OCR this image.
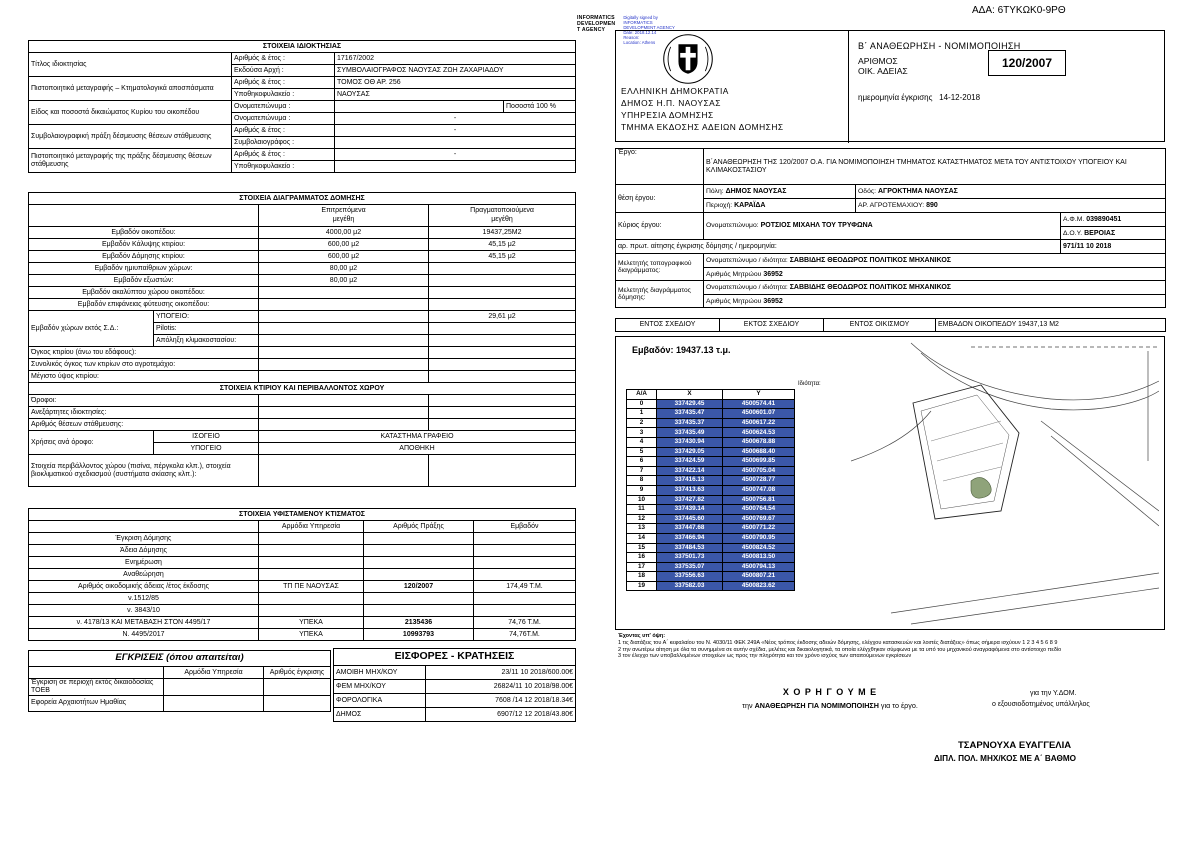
ΑΔΑ: 6ΤΥΚΩΚ0-9ΡΘ
INFORMATICS
DEVELOPMEN
T AGENCY
Digitally signed by
INFORMATICS
DEVELOPMENT AGENCY
Date: 2018.12.14
Reason:
Location: Athens
ΣΤΟΙΧΕΙΑ ΙΔΙΟΚΤΗΣΙΑΣ			
Τίτλος ιδιοκτησίας	Αριθμός & έτος :	17167/2002	
	Εκδούσα Αρχή :	ΣΥΜΒΟΛΑΙΟΓΡΑΦΟΣ ΝΑΟΥΣΑΣ ΖΩΗ ΖΑΧΑΡΙΑΔΟΥ	
Πιστοποιητικά μεταγραφής – Κτηματολογικά αποσπάσματα	Αριθμός & έτος :	ΤΟΜΟΣ ΟΘ ΑΡ. 256	
	Υποθηκοφυλακείο :	ΝΑΟΥΣΑΣ	
Είδος και ποσοστά δικαιώματος Κυρίου του οικοπέδου	Ονοματεπώνυμα :		Ποσοστά 100 %
	Ονοματεπώνυμα :	-	
Συμβολαιογραφική πράξη δέσμευσης θέσεων στάθμευσης	Αριθμός & έτος :	-	
	Συμβολαιογράφος :		
Πιστοποιητικό μεταγραφής της πράξης δέσμευσης θέσεων στάθμευσης	Αριθμός & έτος :	-	
	Υποθηκοφυλακείο :		
ΣΤΟΙΧΕΙΑ ΔΙΑΓΡΑΜΜΑΤΟΣ ΔΟΜΗΣΗΣ			

Επιτρεπόμενα
μεγέθη

Πραγματοποιούμενα
μεγέθη

Εμβαδόν οικοπέδου:		4000,00 μ2	19437,25Μ2
Εμβαδόν Κάλυψης κτιρίου:		600,00 μ2	45,15 μ2
Εμβαδόν Δόμησης κτιρίου:		600,00 μ2	45,15 μ2
Εμβαδόν ημιυπαίθριων χώρων:		80,00 μ2	
Εμβαδόν εξωστών:		80,00 μ2	
Εμβαδόν ακαλύπτου χώρου οικοπέδου:			
Εμβαδόν επιφάνειας φύτευσης οικοπέδου:			
Εμβαδόν χώρων εκτός Σ.Δ.:	ΥΠΟΓΕΙΟ:		29,61 μ2
	Pilotis:		
	Απόληξη κλιμακοστασίου:		
Όγκος κτιρίου (άνω του εδάφους):			
Συνολικός όγκος των κτιρίων στο αγροτεμάχιο:			
Μέγιστο ύψος κτιρίου:			
ΣΤΟΙΧΕΙΑ ΚΤΙΡΙΟΥ ΚΑΙ ΠΕΡΙΒΑΛΛΟΝΤΟΣ ΧΩΡΟΥ			
Όροφοι:			
Ανεξάρτητες ιδιοκτησίες:			
Αριθμός θέσεων στάθμευσης:			
Χρήσεις ανά όροφο:	ΙΣΟΓΕΙΟ	ΚΑΤΑΣΤΗΜΑ ΓΡΑΦΕΙΟ	
	ΥΠΟΓΕΙΟ	ΑΠΟΘΗΚΗ	
Στοιχεία περιβάλλοντος χώρου (πισίνα, πέργκολα κλπ.), στοιχεία βιοκλιματικού σχεδιασμού (συστήματα σκίασης κλπ.):			
ΣΤΟΙΧΕΙΑ ΥΦΙΣΤΑΜΕΝΟΥ ΚΤΙΣΜΑΤΟΣ			
	Αρμόδια Υπηρεσία	Αριθμός Πράξης	Εμβαδόν
Έγκριση Δόμησης			
Άδεια Δόμησης			
Ενημέρωση			
Αναθεώρηση			
Αριθμός οικοδομικής άδειας /έτος έκδοσης	ΤΠ ΠΕ ΝΑΟΥΣΑΣ	120/2007	174,49 Τ.Μ.
ν.1512/85			
ν. 3843/10			
ν. 4178/13 ΚΑΙ ΜΕΤΑΒΑΣΗ ΣΤΟΝ 4495/17	ΥΠΕΚΑ	2135436	74,76 Τ.Μ.
Ν. 4495/2017	ΥΠΕΚΑ	10993793	74,76Τ.Μ.
ΕΓΚΡΙΣΕΙΣ (όπου απαιτείται)		
	Αρμόδια Υπηρεσία	Αριθμός έγκρισης
Έγκριση σε περιοχή εκτός δικαιοδοσίας ΤΟΕΒ		
Εφορεία Αρχαιοτήτων Ημαθίας		
ΕΙΣΦΟΡΕΣ - ΚΡΑΤΗΣΕΙΣ	
ΑΜΟΙΒΗ ΜΗΧ/ΚΟΥ	23/11 10 2018/600.00€
ΦΕΜ ΜΗΧ/ΚΟΥ	26824/11 10 2018/98.00€
ΦΟΡΟΛΟΓΙΚΑ	7608 /14 12 2018/18.34€
ΔΗΜΟΣ	6907/12 12 2018/43.80€
ΕΛΛΗΝΙΚΗ ΔΗΜΟΚΡΑΤΙΑ
ΔΗΜΟΣ Η.Π. ΝΑΟΥΣΑΣ
ΥΠΗΡΕΣΙΑ ΔΟΜΗΣΗΣ
ΤΜΗΜΑ ΕΚΔΟΣΗΣ ΑΔΕΙΩΝ ΔΟΜΗΣΗΣ
Β΄ ΑΝΑΘΕΩΡΗΣΗ - ΝΟΜΙΜΟΠΟΙΗΣΗ
ΑΡΙΘΜΟΣ
ΟΙΚ. ΑΔΕΙΑΣ
120/2007
ημερομηνία έγκρισης 14-12-2018
Έργο:	Β΄ΑΝΑΘΕΩΡΗΣΗ ΤΗΣ 120/2007 Ο.Α. ΓΙΑ ΝΟΜΙΜΟΠΟΙΗΣΗ ΤΜΗΜΑΤΟΣ ΚΑΤΑΣΤΗΜΑΤΟΣ ΜΕΤΑ ΤΟΥ ΑΝΤΙΣΤΟΙΧΟΥ ΥΠΟΓΕΙΟΥ ΚΑΙ ΚΛΙΜΑΚΟΣΤΑΣΙΟΥ		
θέση έργου:	Πόλη: ΔΗΜΟΣ ΝΑΟΥΣΑΣ	Οδός: ΑΓΡΟΚΤΗΜΑ ΝΑΟΥΣΑΣ	
	Περιοχή: ΚΑΡΑΪΔΑ	ΑΡ. ΑΓΡΟΤΕΜΑΧΙΟΥ: 890	
Κύριος έργου:	Ονοματεπώνυμο: ΡΟΤΣΙΟΣ ΜΙΧΑΗΛ ΤΟΥ ΤΡΥΦΩΝΑ		Α.Φ.Μ. 039890451
Δ.Ο.Υ. ΒΕΡΟΙΑΣ

αρ. πρωτ. αίτησης έγκρισης δόμησης / ημερομηνία:			971/11 10 2018
Μελετητής τοπογραφικού διαγράμματος:	Ονοματεπώνυμο / ιδιότητα: ΣΑΒΒΙΔΗΣ ΘΕΟΔΩΡΟΣ ΠΟΛΙΤΙΚΟΣ ΜΗΧΑΝΙΚΟΣ
Αριθμός Μητρώου 36952		

Μελετητής διαγράμματος δόμησης:	Ονοματεπώνυμο / ιδιότητα: ΣΑΒΒΙΔΗΣ ΘΕΟΔΩΡΟΣ ΠΟΛΙΤΙΚΟΣ ΜΗΧΑΝΙΚΟΣ
Αριθμός Μητρώου 36952		
ΕΝΤΟΣ ΣΧΕΔΙΟΥ	ΕΚΤΟΣ ΣΧΕΔΙΟΥ	ΕΝΤΟΣ ΟΙΚΙΣΜΟΥ	ΕΜΒΑΔΟΝ ΟΙΚΟΠΕΔΟΥ 19437,13 Μ2
Εμβαδόν: 19437.13 τ.μ.
Ιδιότητα:
Α/Α	Χ	Υ
0	337429.45	4500574.41
1	337435.47	4500601.07
2	337435.37	4500617.22
3	337435.49	4500624.53
4	337430.94	4500678.88
5	337429.05	4500688.40
6	337424.59	4500699.85
7	337422.14	4500705.04
8	337416.13	4500728.77
9	337413.63	4500747.08
10	337427.82	4500756.81
11	337439.14	4500764.54
12	337445.60	4500769.67
13	337447.68	4500771.22
14	337466.94	4500790.95
15	337484.53	4500824.52
16	337501.73	4500813.50
17	337535.07	4500794.13
18	337556.63	4500807.21
19	337582.03	4500823.62
Έχοντας υπ' όψη:
1 τις διατάξεις του Α΄ κεφαλαίου του Ν. 4030/11 ΦΕΚ 249Α «Νέος τρόπος έκδοσης αδειών δόμησης, ελέγχου κατασκευών και λοιπές διατάξεις» όπως σήμερα ισχύουν 1 2 3 4 5 6 8 9
2 την ανωτέρω αίτηση με όλα τα συνημμένα σε αυτήν σχέδια, μελέτες και δικαιολογητικά, τα οποία ελέγχθηκαν σύμφωνα με τα υπό του μηχανικού αναγραφόμενα στο αντίστοιχο πεδίο
3 τον έλεγχο των υποβαλλομένων στοιχείων ως προς την πληρότητα και τον χρόνο ισχύος των απαιτούμενων εγκρίσεων
Χ Ο Ρ Η Γ Ο Υ Μ Ε
την ΑΝΑΘΕΩΡΗΣΗ ΓΙΑ ΝΟΜΙΜΟΠΟΙΗΣΗ για το έργο.
για την Υ.ΔΟΜ.
ο εξουσιοδοτημένος υπάλληλος
ΤΣΑΡΝΟΥΧΑ ΕΥΑΓΓΕΛΙΑ
ΔΙΠΛ. ΠΟΛ. ΜΗΧ/ΚΟΣ ΜΕ Α΄ ΒΑΘΜΟ
